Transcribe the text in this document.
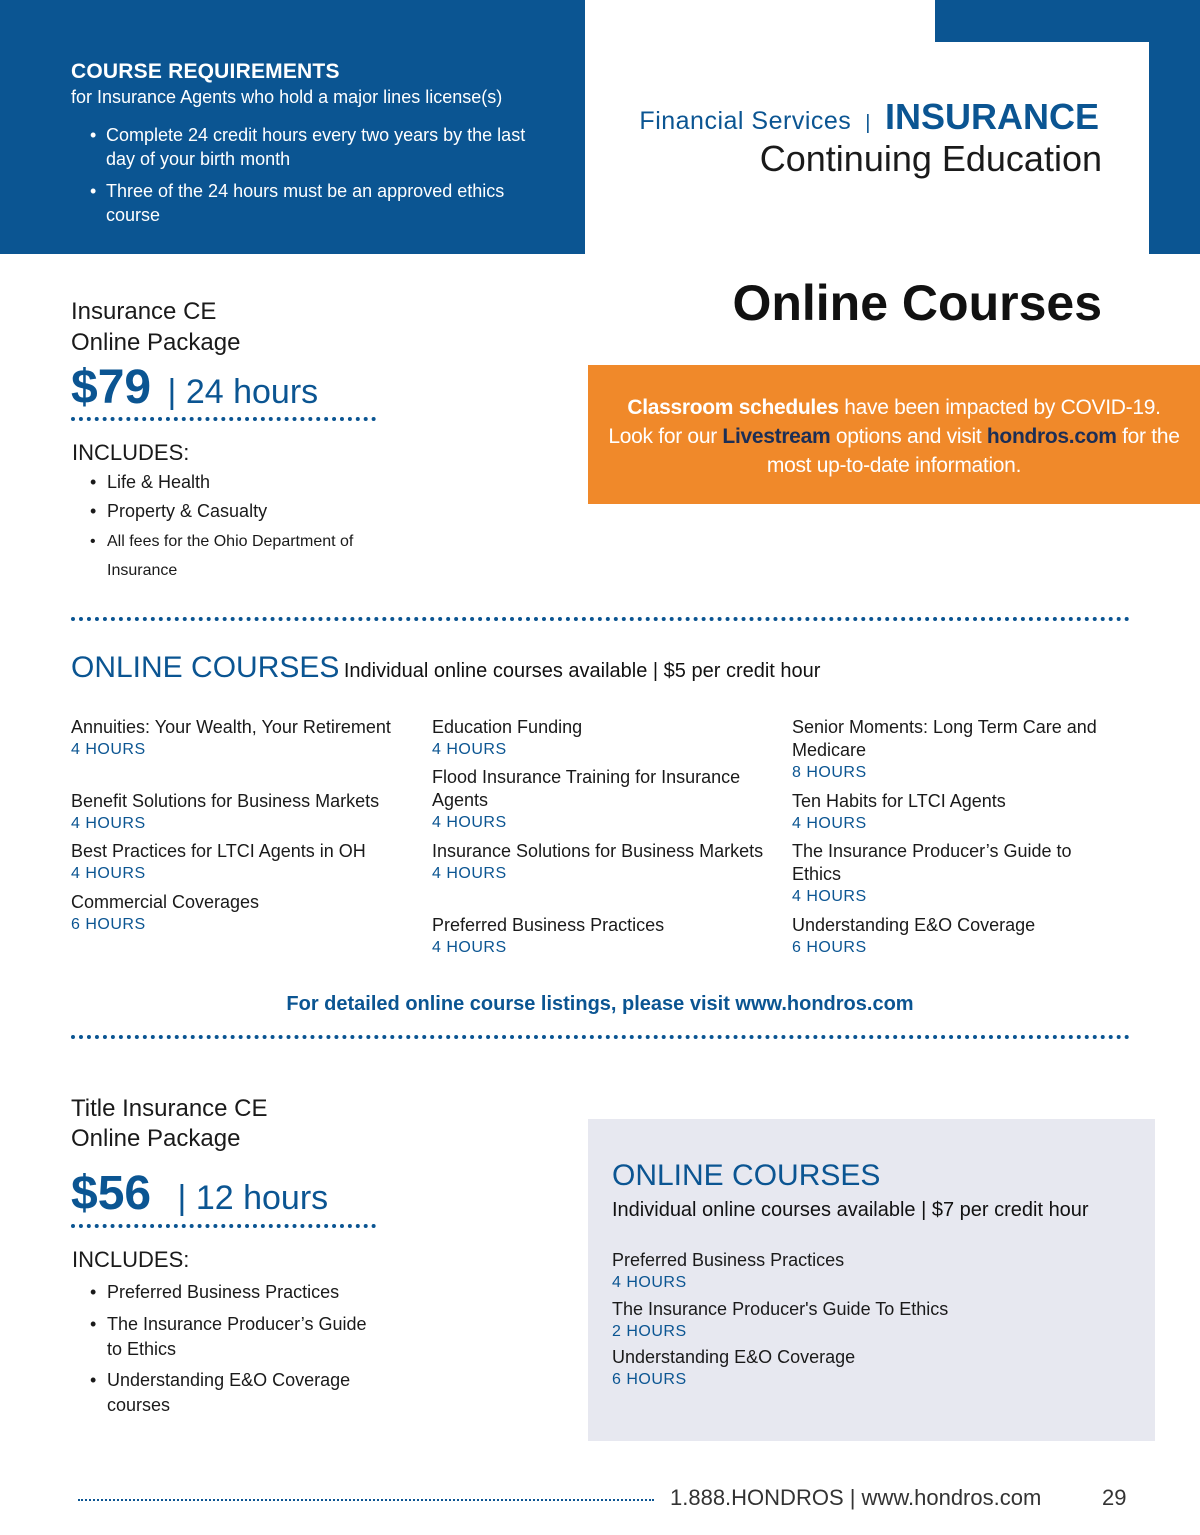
COURSE REQUIREMENTS
for Insurance Agents who hold a major lines license(s)
• Complete 24 credit hours every two years by the last day of your birth month
• Three of the 24 hours must be an approved ethics course
Financial Services | INSURANCE
Continuing Education
Online Courses
Insurance CE
Online Package
$79 | 24 hours
INCLUDES:
• Life & Health
• Property & Casualty
• All fees for the Ohio Department of Insurance
Classroom schedules have been impacted by COVID-19. Look for our Livestream options and visit hondros.com for the most up-to-date information.
ONLINE COURSES Individual online courses available | $5 per credit hour
Annuities: Your Wealth, Your Retirement
4 HOURS
Benefit Solutions for Business Markets
4 HOURS
Best Practices for LTCI Agents in OH
4 HOURS
Commercial Coverages
6 HOURS
Education Funding
4 HOURS
Flood Insurance Training for Insurance Agents
4 HOURS
Insurance Solutions for Business Markets
4 HOURS
Preferred Business Practices
4 HOURS
Senior Moments: Long Term Care and Medicare
8 HOURS
Ten Habits for LTCI Agents
4 HOURS
The Insurance Producer’s Guide to Ethics
4 HOURS
Understanding E&O Coverage
6 HOURS
For detailed online course listings, please visit www.hondros.com
Title Insurance CE
Online Package
$56 | 12 hours
INCLUDES:
• Preferred Business Practices
• The Insurance Producer’s Guide to Ethics
• Understanding E&O Coverage courses
ONLINE COURSES
Individual online courses available | $7 per credit hour
Preferred Business Practices
4 HOURS
The Insurance Producer's Guide To Ethics
2 HOURS
Understanding E&O Coverage
6 HOURS
1.888.HONDROS | www.hondros.com	29
